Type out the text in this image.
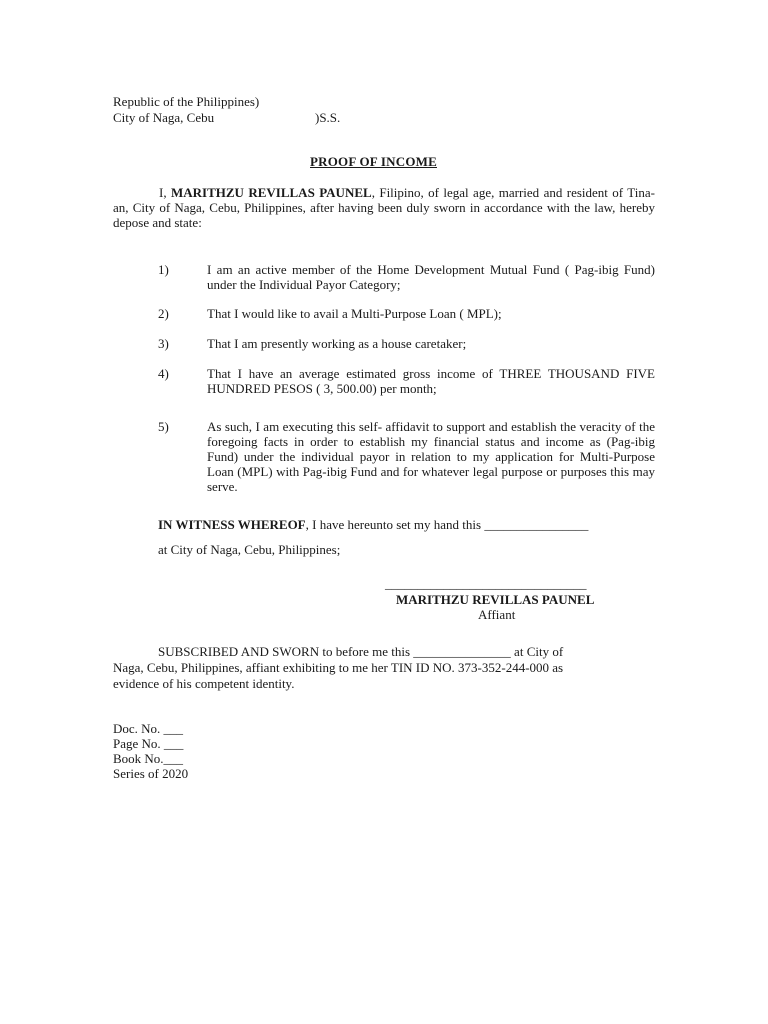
Republic of the Philippines)
City of Naga, Cebu	)S.S.
PROOF OF INCOME
I, MARITHZU REVILLAS PAUNEL, Filipino, of legal age, married and resident of Tina-an, City of Naga, Cebu, Philippines, after having been duly sworn in accordance with the law, hereby depose and state:
1)	I am an active member of the Home Development Mutual Fund ( Pag-ibig Fund) under the Individual Payor Category;
2)	That I would like to avail a Multi-Purpose Loan ( MPL);
3)	That I am presently working as a house caretaker;
4)	That I have an average estimated gross income of THREE THOUSAND FIVE HUNDRED PESOS ( 3, 500.00) per month;
5)	As such, I am executing this self- affidavit to support and establish the veracity of the foregoing facts in order to establish my financial status and income as (Pag-ibig Fund) under the individual payor in relation to my application for Multi-Purpose Loan (MPL) with Pag-ibig Fund and for whatever legal purpose or purposes this may serve.
IN WITNESS WHEREOF, I have hereunto set my hand this ________________
at City of Naga, Cebu, Philippines;
_______________________________
MARITHZU REVILLAS PAUNEL
Affiant
SUBSCRIBED AND SWORN to before me this _______________ at City of
Naga, Cebu, Philippines, affiant exhibiting to me her TIN ID NO. 373-352-244-000 as
evidence of his competent identity.
Doc. No. ___
Page No. ___
Book No.___
Series of 2020
